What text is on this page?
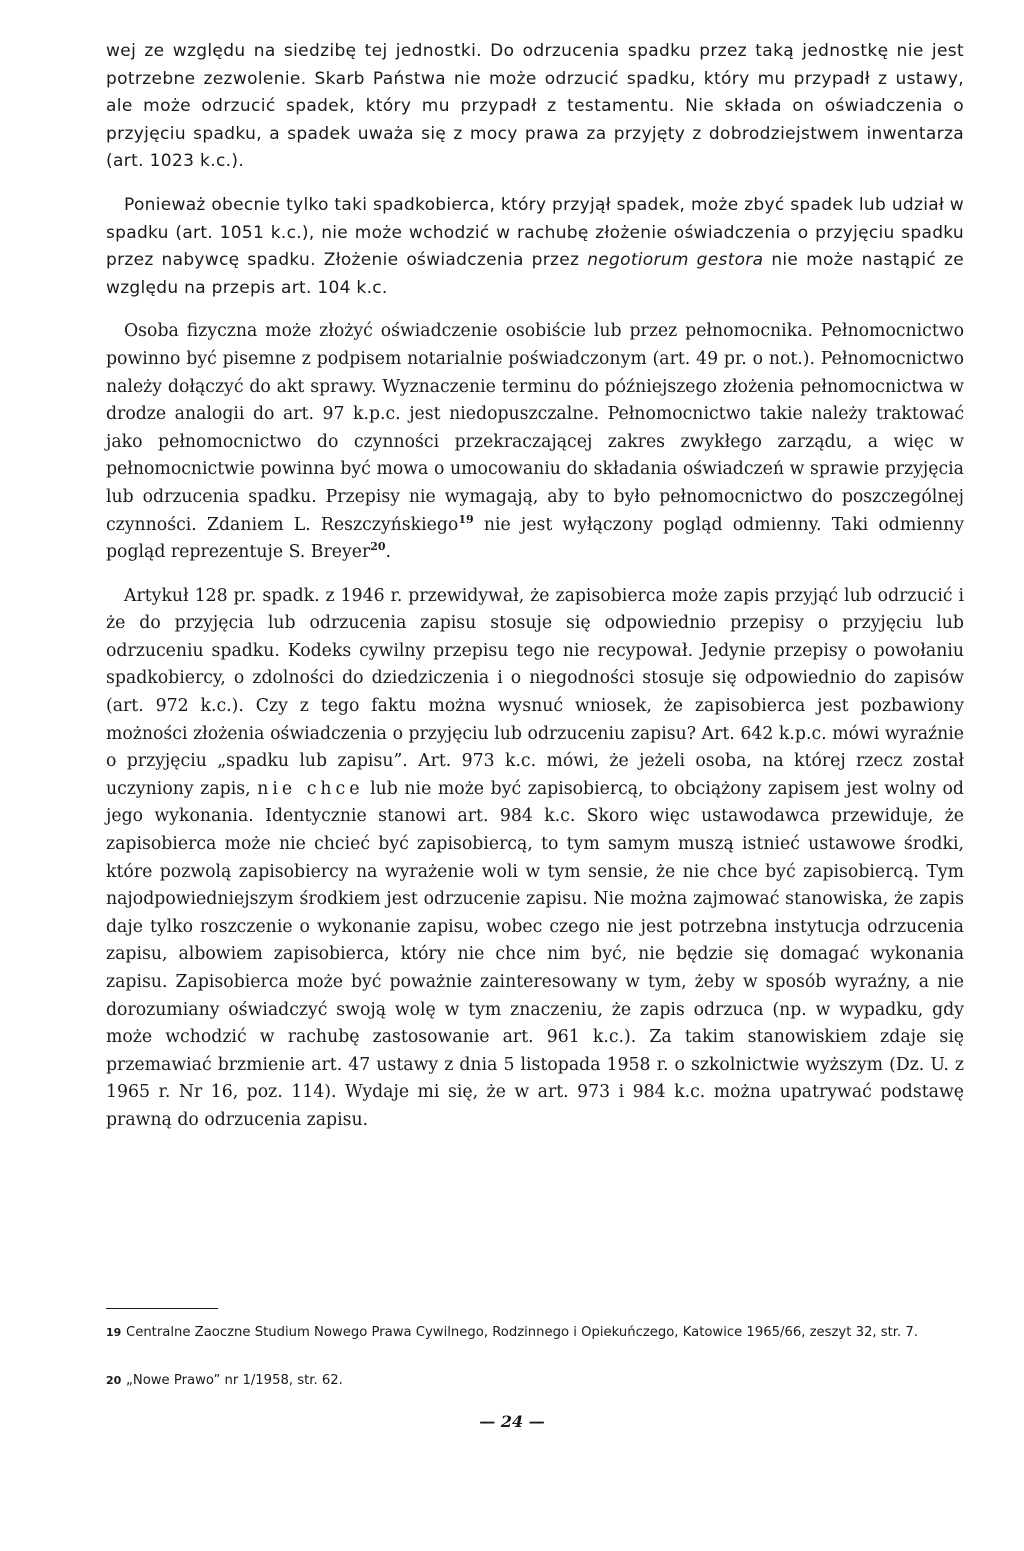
wej ze względu na siedzibę tej jednostki. Do odrzucenia spadku przez taką jednostkę nie jest potrzebne zezwolenie. Skarb Państwa nie może odrzucić spadku, który mu przypadł z ustawy, ale może odrzucić spadek, który mu przypadł z testamentu. Nie składa on oświadczenia o przyjęciu spadku, a spadek uważa się z mocy prawa za przyjęty z dobrodziejstwem inwentarza (art. 1023 k.c.).

Ponieważ obecnie tylko taki spadkobierca, który przyjął spadek, może zbyć spadek lub udział w spadku (art. 1051 k.c.), nie może wchodzić w rachubę złożenie oświadczenia o przyjęciu spadku przez nabywcę spadku. Złożenie oświadczenia przez negotiorum gestora nie może nastąpić ze względu na przepis art. 104 k.c.

Osoba fizyczna może złożyć oświadczenie osobiście lub przez pełnomocnika. Pełnomocnictwo powinno być pisemne z podpisem notarialnie poświadczonym (art. 49 pr. o not.). Pełnomocnictwo należy dołączyć do akt sprawy. Wyznaczenie terminu do późniejszego złożenia pełnomocnictwa w drodze analogii do art. 97 k.p.c. jest niedopuszczalne. Pełnomocnictwo takie należy traktować jako pełnomocnictwo do czynności przekraczającej zakres zwykłego zarządu, a więc w pełnomocnictwie powinna być mowa o umocowaniu do składania oświadczeń w sprawie przyjęcia lub odrzucenia spadku. Przepisy nie wymagają, aby to było pełnomocnictwo do poszczególnej czynności. Zdaniem L. Reszczyńskiego$^{19}$ nie jest wyłączony pogląd odmienny. Taki odmienny pogląd reprezentuje S. Breyer$^{20}$.

Artykuł 128 pr. spadk. z 1946 r. przewidywał, że zapisobierca może zapis przyjąć lub odrzucić i że do przyjęcia lub odrzucenia zapisu stosuje się odpowiednio przepisy o przyjęciu lub odrzuceniu spadku. Kodeks cywilny przepisu tego nie recypował. Jedynie przepisy o powołaniu spadkobiercy, o zdolności do dziedziczenia i o niegodności stosuje się odpowiednio do zapisów (art. 972 k.c.). Czy z tego faktu można wysnuć wniosek, że zapisobierca jest pozbawiony możności złożenia oświadczenia o przyjęciu lub odrzuceniu zapisu? Art. 642 k.p.c. mówi wyraźnie o przyjęciu „spadku lub zapisu”. Art. 973 k.c. mówi, że jeżeli osoba, na której rzecz został uczyniony zapis, nie chce lub nie może być zapisobiercą, to obciążony zapisem jest wolny od jego wykonania. Identycznie stanowi art. 984 k.c. Skoro więc ustawodawca przewiduje, że zapisobierca może nie chcieć być zapisobiercą, to tym samym muszą istnieć ustawowe środki, które pozwolą zapisobiercy na wyrażenie woli w tym sensie, że nie chce być zapisobiercą. Tym najodpowiedniejszym środkiem jest odrzucenie zapisu. Nie można zajmować stanowiska, że zapis daje tylko roszczenie o wykonanie zapisu, wobec czego nie jest potrzebna instytucja odrzucenia zapisu, albowiem zapisobierca, który nie chce nim być, nie będzie się domagać wykonania zapisu. Zapisobierca może być poważnie zainteresowany w tym, żeby w sposób wyraźny, a nie dorozumiany oświadczyć swoją wolę w tym znaczeniu, że zapis odrzuca (np. w wypadku, gdy może wchodzić w rachubę zastosowanie art. 961 k.c.). Za takim stanowiskiem zdaje się przemawiać brzmienie art. 47 ustawy z dnia 5 listopada 1958 r. o szkolnictwie wyższym (Dz. U. z 1965 r. Nr 16, poz. 114). Wydaje mi się, że w art. 973 i 984 k.c. można upatrywać podstawę prawną do odrzucenia zapisu.

19 Centralne Zaoczne Studium Nowego Prawa Cywilnego, Rodzinnego i Opiekuńczego, Katowice 1965/66, zeszyt 32, str. 7.
20 „Nowe Prawo” nr 1/1958, str. 62.
— 24 —
